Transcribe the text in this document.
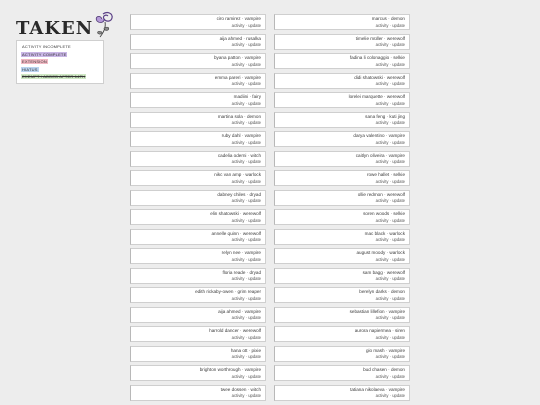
TAKEN
ACTIVITY INCOMPLETE
ACTIVITY COMPLETE
EXTENSION
HIATUS
EXEMPT / ADDED AFTER 14TH
ciro ramirez · vampire
activity · update
aija ahmed · rusalka
activity · update
byana patton · vampire
activity · update
emma pareri · vampire
activity · update
madiini · fairy
activity · update
martina sola · demon
activity · update
ruby dahl · vampire
activity · update
cadelia oderni · witch
activity · update
nikc van amp · warlock
activity · update
dabney chiles · dryad
activity · update
elin shatowski · werewolf
activity · update
annelle quinn · werewolf
activity · update
relyn nee · vampire
activity · update
floria reade · dryad
activity · update
edith rickaby-owen · grim reaper
activity · update
aija ahmed · vampire
activity · update
harrold dancer · werewolf
activity · update
hana ott · pixie
activity · update
brighton worthrough · vampire
activity · update
twee dossen · witch
activity · update
marcus · demon
activity · update
timelie müller · werewolf
activity · update
fadina li colonaggio · selkie
activity · update
didi shatowski · werewolf
activity · update
lorelei marquette · werewolf
activity · update
sana feng · kuti jing
activity · update
darya valentino · vampire
activity · update
caitlyn oliveira · vampire
activity · update
rowe hallet · selkie
activity · update
ollie redmon · werewolf
activity · update
soren woods · selkie
activity · update
mac black · warlock
activity · update
august moody · warlock
activity · update
sam bagg · werewolf
activity · update
berelyn darks · demon
activity · update
sebastian lillefion · vampire
activity · update
aurora napiermea · siren
activity · update
gio mash · vampire
activity · update
bud chasen · demon
activity · update
tatiana nikolaeva · vampire
activity · update
